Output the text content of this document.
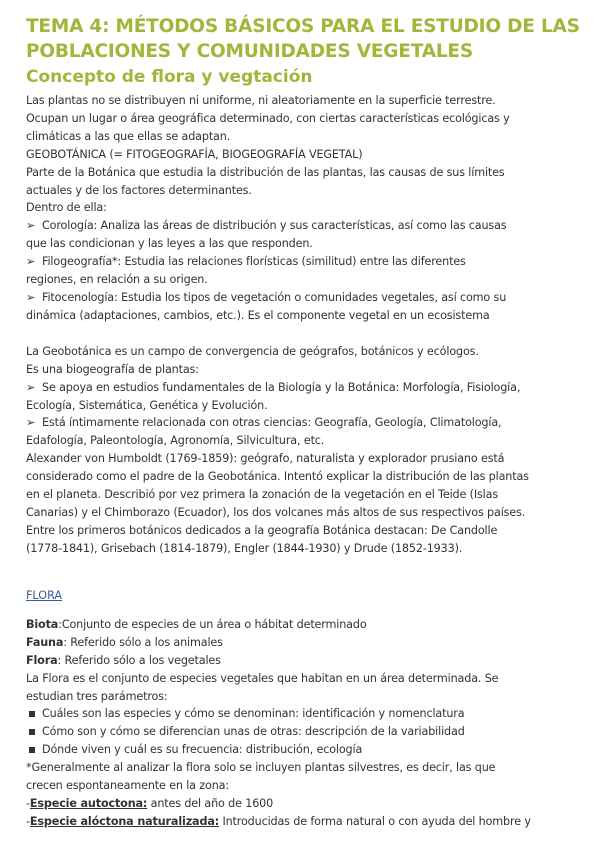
TEMA 4: MÉTODOS BÁSICOS PARA EL ESTUDIO DE LAS
POBLACIONES Y COMUNIDADES VEGETALES
Concepto de flora y vegtación

Las plantas no se distribuyen ni uniforme, ni aleatoriamente en la superficie terrestre.

Ocupan un lugar o área geográfica determinado, con ciertas características ecológicas y

climáticas a las que ellas se adaptan.

GEOBOTÁNICA (= FITOGEOGRAFÍA, BIOGEOGRAFÍA VEGETAL)

Parte de la Botánica que estudia la distribución de las plantas, las causas de sus límites

actuales y de los factores determinantes.

Dentro de ella:

➢ Corología: Analiza las áreas de distribución y sus características, así como las causas

que las condicionan y las leyes a las que responden.

➢ Filogeografía*: Estudia las relaciones florísticas (similitud) entre las diferentes

regiones, en relación a su origen.

➢ Fitocenología: Estudia los tipos de vegetación o comunidades vegetales, así como su

dinámica (adaptaciones, cambios, etc.). Es el componente vegetal en un ecosistema

La Geobotánica es un campo de convergencia de geógrafos, botánicos y ecólogos.

Es una biogeografía de plantas:

➢ Se apoya en estudios fundamentales de la Biología y la Botánica: Morfología, Fisiología,

Ecología, Sistemática, Genética y Evolución.

➢ Está íntimamente relacionada con otras ciencias: Geografía, Geología, Climatología,

Edafología, Paleontología, Agronomía, Silvicultura, etc.

Alexander von Humboldt (1769-1859): geógrafo, naturalista y explorador prusiano está

considerado como el padre de la Geobotánica. Intentó explicar la distribución de las plantas

en el planeta. Describió por vez primera la zonación de la vegetación en el Teide (Islas

Canarias) y el Chimborazo (Ecuador), los dos volcanes más altos de sus respectivos países.

Entre los primeros botánicos dedicados a la geografía Botánica destacan: De Candolle

(1778-1841), Grisebach (1814-1879), Engler (1844-1930) y Drude (1852-1933).

FLORA

Biota:Conjunto de especies de un área o hábitat determinado

Fauna: Referido sólo a los animales

Flora: Referido sólo a los vegetales

La Flora es el conjunto de especies vegetales que habitan en un área determinada. Se

estudian tres parámetros:

Cuáles son las especies y cómo se denominan: identificación y nomenclatura

Cómo son y cómo se diferencian unas de otras: descripción de la variabilidad

Dónde viven y cuál es su frecuencia: distribución, ecología

*Generalmente al analizar la flora solo se incluyen plantas silvestres, es decir, las que

crecen espontaneamente en la zona:

-Especie autoctona: antes del año de 1600

-Especie alóctona naturalizada: Introducidas de forma natural o con ayuda del hombre y
